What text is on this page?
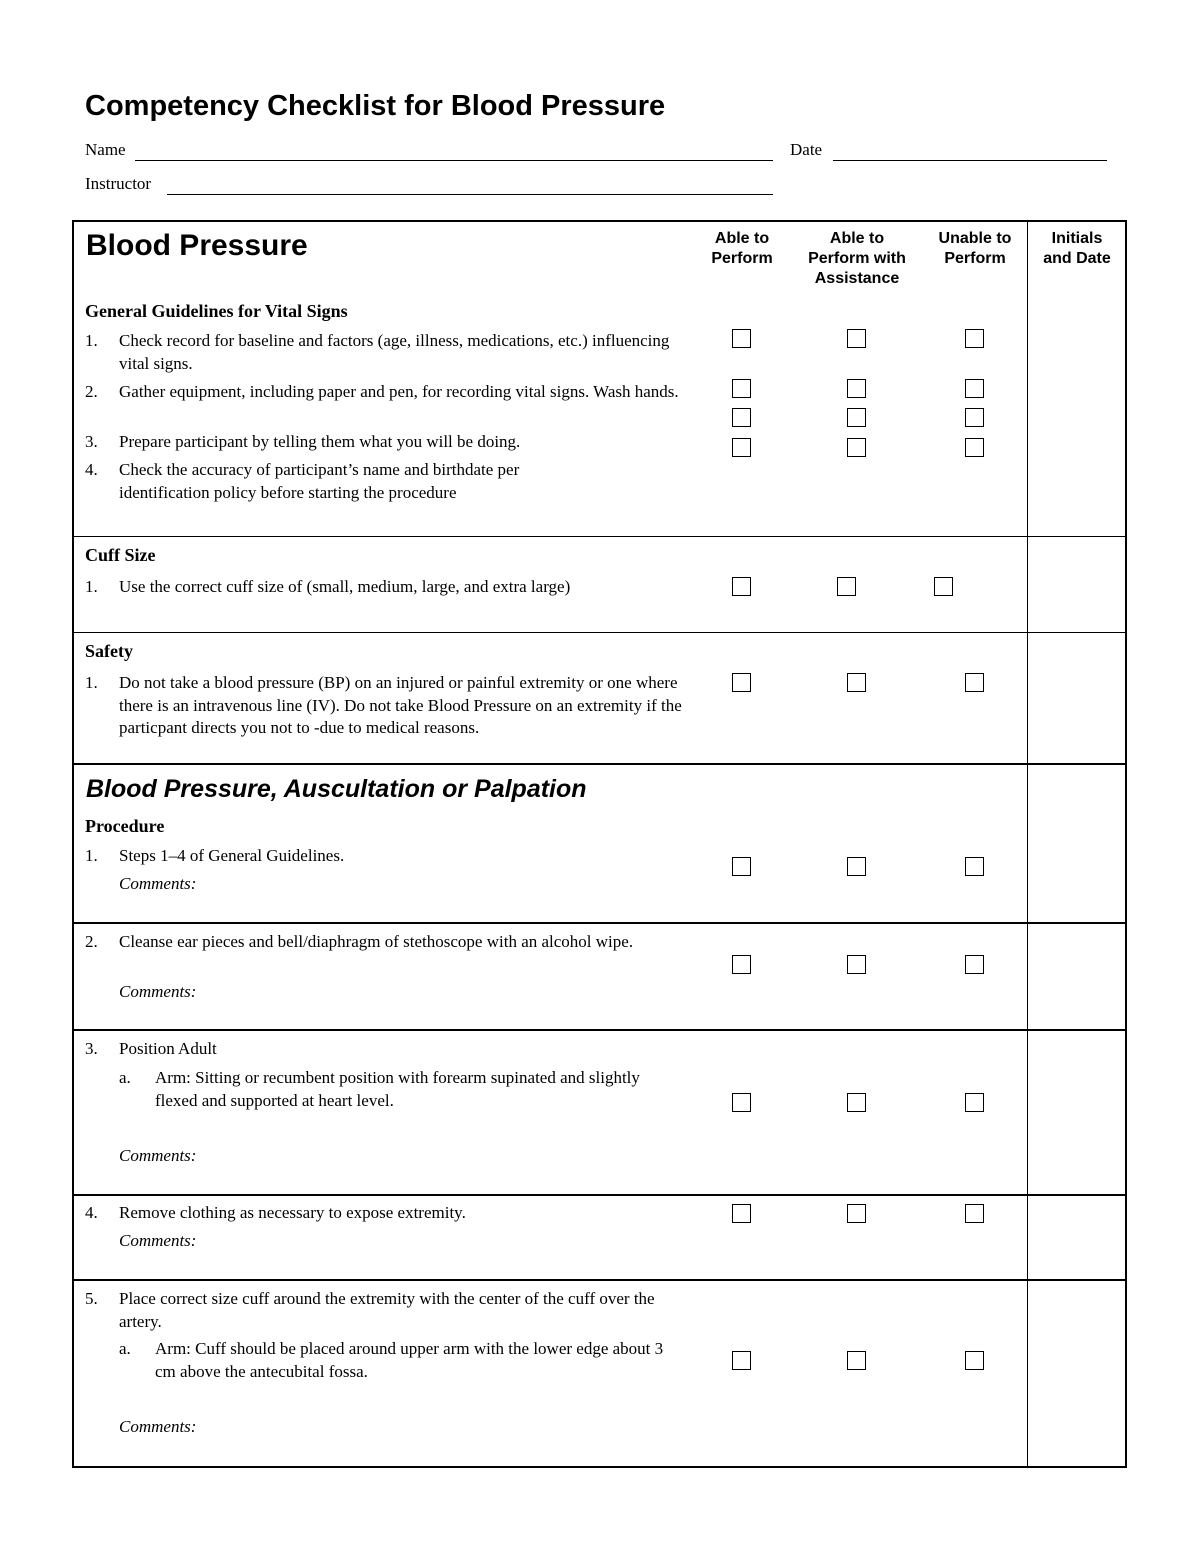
Competency Checklist for Blood Pressure
Name	Date
Instructor
Able to
Perform
Able to
Perform with
Assistance
Unable to
Perform
Initials
and Date
Blood Pressure
General Guidelines for Vital Signs
1. Check record for baseline and factors (age, illness, medications, etc.) influencing vital signs.
2. Gather equipment, including paper and pen, for recording vital signs. Wash hands.
3. Prepare participant by telling them what you will be doing.
4. Check the accuracy of participant’s name and birthdate per identification policy before starting the procedure
Cuff Size
1. Use the correct cuff size of (small, medium, large, and extra large)
Safety
1. Do not take a blood pressure (BP) on an injured or painful extremity or one where there is an intravenous line (IV). Do not take Blood Pressure on an extremity if the particpant directs you not to -due to medical reasons.
Blood Pressure, Auscultation or Palpation
Procedure
1. Steps 1–4 of General Guidelines.
Comments:
2. Cleanse ear pieces and bell/diaphragm of stethoscope with an alcohol wipe.
Comments:
3. Position Adult
a. Arm: Sitting or recumbent position with forearm supinated and slightly flexed and supported at heart level.
Comments:
4. Remove clothing as necessary to expose extremity.
Comments:
5. Place correct size cuff around the extremity with the center of the cuff over the artery.
a. Arm: Cuff should be placed around upper arm with the lower edge about 3 cm above the antecubital fossa.
Comments:
